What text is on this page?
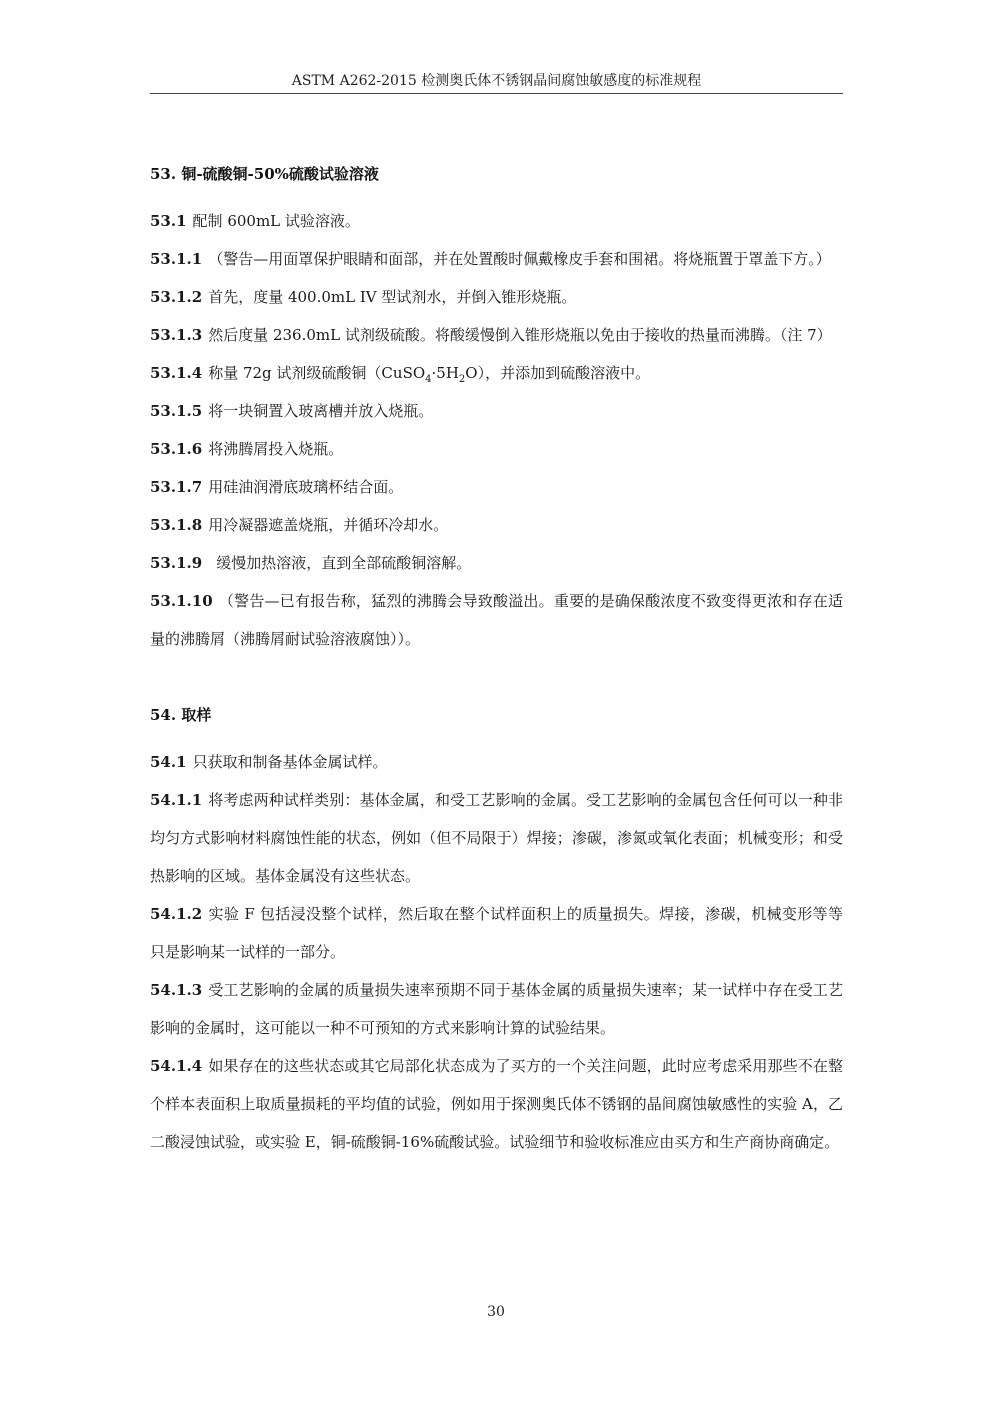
ASTM A262-2015 检测奥氏体不锈钢晶间腐蚀敏感度的标准规程
53. 铜-硫酸铜-50%硫酸试验溶液

53.1 配制 600mL 试验溶液。

53.1.1 （警告—用面罩保护眼睛和面部，并在处置酸时佩戴橡皮手套和围裙。将烧瓶置于罩盖下方。）

53.1.2 首先，度量 400.0mL IV 型试剂水，并倒入锥形烧瓶。

53.1.3 然后度量 236.0mL 试剂级硫酸。将酸缓慢倒入锥形烧瓶以免由于接收的热量而沸腾。（注 7）

53.1.4 称量 72g 试剂级硫酸铜$(CuSO_4\cdot 5H_2O)$，并添加到硫酸溶液中。

53.1.5 将一块铜置入玻离槽并放入烧瓶。

53.1.6 将沸腾屑投入烧瓶。

53.1.7 用硅油润滑底玻璃杯结合面。

53.1.8 用冷凝器遮盖烧瓶，并循环冷却水。

53.1.9 缓慢加热溶液，直到全部硫酸铜溶解。

53.1.10 （警告—已有报告称，猛烈的沸腾会导致酸溢出。重要的是确保酸浓度不致变得更浓和存在适量的沸腾屑（沸腾屑耐试验溶液腐蚀））。

54. 取样

54.1 只获取和制备基体金属试样。

54.1.1 将考虑两种试样类别：基体金属，和受工艺影响的金属。受工艺影响的金属包含任何可以一种非均匀方式影响材料腐蚀性能的状态，例如（但不局限于）焊接；渗碳，渗氮或氧化表面；机械变形；和受热影响的区域。基体金属没有这些状态。

54.1.2 实验 F 包括浸没整个试样，然后取在整个试样面积上的质量损失。焊接，渗碳，机械变形等等只是影响某一试样的一部分。

54.1.3 受工艺影响的金属的质量损失速率预期不同于基体金属的质量损失速率；某一试样中存在受工艺影响的金属时，这可能以一种不可预知的方式来影响计算的试验结果。

54.1.4 如果存在的这些状态或其它局部化状态成为了买方的一个关注问题，此时应考虑采用那些不在整个样本表面积上取质量损耗的平均值的试验，例如用于探测奥氏体不锈钢的晶间腐蚀敏感性的实验 A，乙二酸浸蚀试验，或实验 E，铜-硫酸铜-16%硫酸试验。试验细节和验收标准应由买方和生产商协商确定。

30
